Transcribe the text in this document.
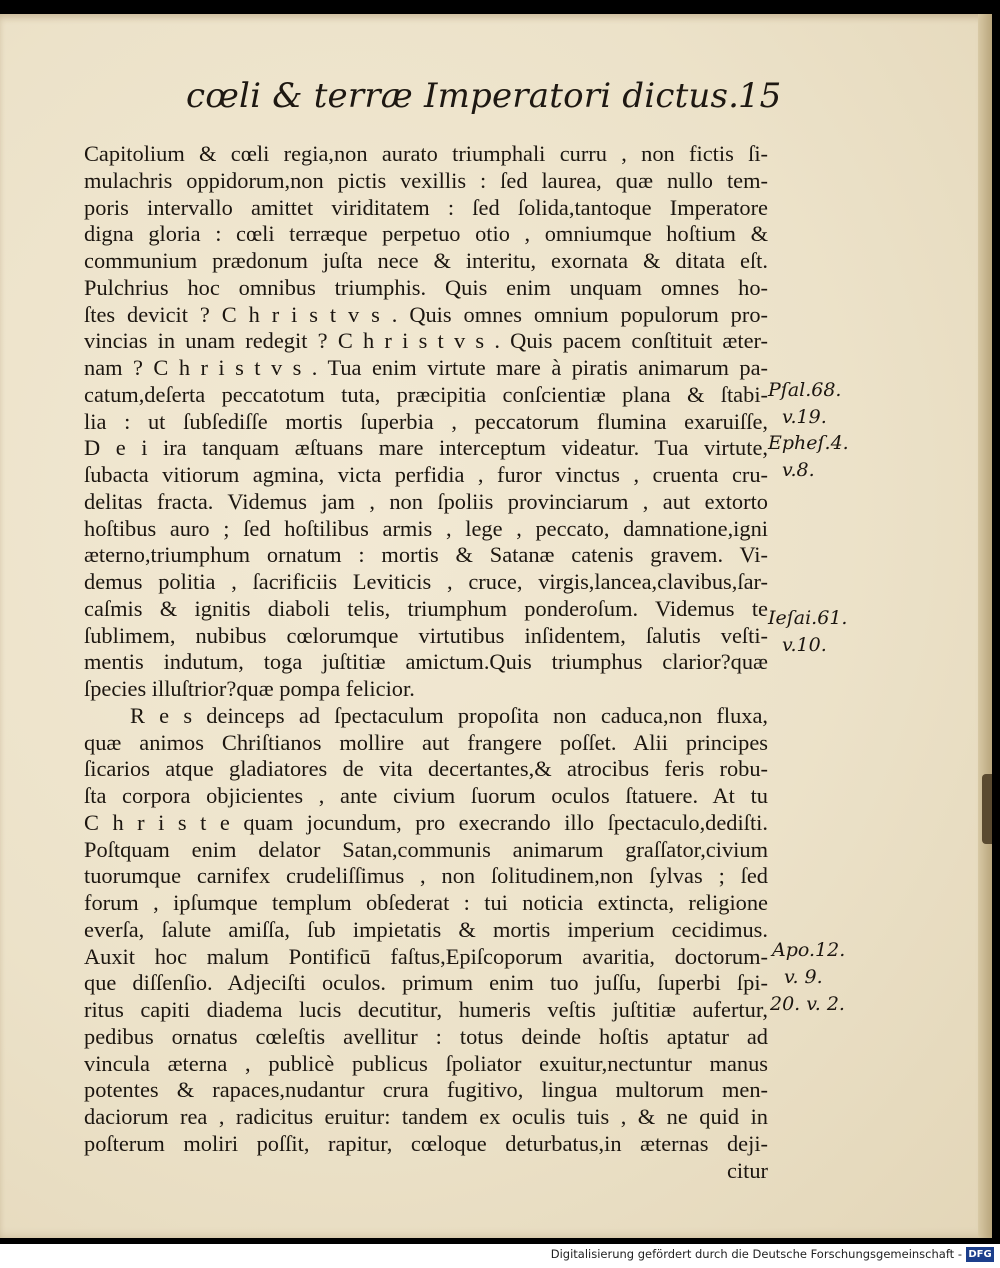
cœli & terræ Imperatori dictus.
15
Capitolium & cœli regia,non aurato triumphali curru , non fictis ſi-
mulachris oppidorum,non pictis vexillis : ſed laurea, quæ nullo tem-
poris intervallo amittet viriditatem : ſed ſolida,tantoque Imperatore
digna gloria : cœli terræque perpetuo otio , omniumque hoſtium &
communium prædonum juſta nece & interitu, exornata & ditata eſt.
Pulchrius hoc omnibus triumphis. Quis enim unquam omnes ho-
ſtes devicit ? C h r i s t v s . Quis omnes omnium populorum pro-
vincias in unam redegit ? C h r i s t v s . Quis pacem conſtituit æter-
nam ? C h r i s t v s . Tua enim virtute mare à piratis animarum pa-
catum,deſerta peccatotum tuta, præcipitia conſcientiæ plana & ſtabi-
lia : ut ſubſediſſe mortis ſuperbia , peccatorum flumina exaruiſſe,
D e i ira tanquam æſtuans mare interceptum videatur. Tua virtute,
ſubacta vitiorum agmina, victa perfidia , furor vinctus , cruenta cru-
delitas fracta. Videmus jam , non ſpoliis provinciarum , aut extorto
hoſtibus auro ; ſed hoſtilibus armis , lege , peccato, damnatione,igni
æterno,triumphum ornatum : mortis & Satanæ catenis gravem. Vi-
demus politia , ſacrificiis Leviticis , cruce, virgis,lancea,clavibus,ſar-
caſmis & ignitis diaboli telis, triumphum ponderoſum. Videmus te
ſublimem, nubibus cœlorumque virtutibus inſidentem, ſalutis veſti-
mentis indutum, toga juſtitiæ amictum.Quis triumphus clarior?quæ
ſpecies illuſtrior?quæ pompa felicior.
R e s deinceps ad ſpectaculum propoſita non caduca,non fluxa,
quæ animos Chriſtianos mollire aut frangere poſſet. Alii principes
ſicarios atque gladiatores de vita decertantes,& atrocibus feris robu-
ſta corpora objicientes , ante civium ſuorum oculos ſtatuere. At tu
C h r i s t e quam jocundum, pro execrando illo ſpectaculo,dediſti.
Poſtquam enim delator Satan,communis animarum graſſator,civium
tuorumque carnifex crudeliſſimus , non ſolitudinem,non ſylvas ; ſed
forum , ipſumque templum obſederat : tui noticia extincta, religione
everſa, ſalute amiſſa, ſub impietatis & mortis imperium cecidimus.
Auxit hoc malum Pontificū faſtus,Epiſcoporum avaritia, doctorum-
que diſſenſio. Adjeciſti oculos. primum enim tuo juſſu, ſuperbi ſpi-
ritus capiti diadema lucis decutitur, humeris veſtis juſtitiæ aufertur,
pedibus ornatus cœleſtis avellitur : totus deinde hoſtis aptatur ad
vincula æterna , publicè publicus ſpoliator exuitur,nectuntur manus
potentes & rapaces,nudantur crura fugitivo, lingua multorum men-
daciorum rea , radicitus eruitur: tandem ex oculis tuis , & ne quid in
poſterum moliri poſſit, rapitur, cœloque deturbatus,in æternas deji-
citur
Pſal.68.
v.19.
Epheſ.4.
v.8.
Ieſai.61.
v.10.
Apo.12.
v. 9.
20. v. 2.
Digitalisierung gefördert durch die Deutsche Forschungsgemeinschaft - DFG
